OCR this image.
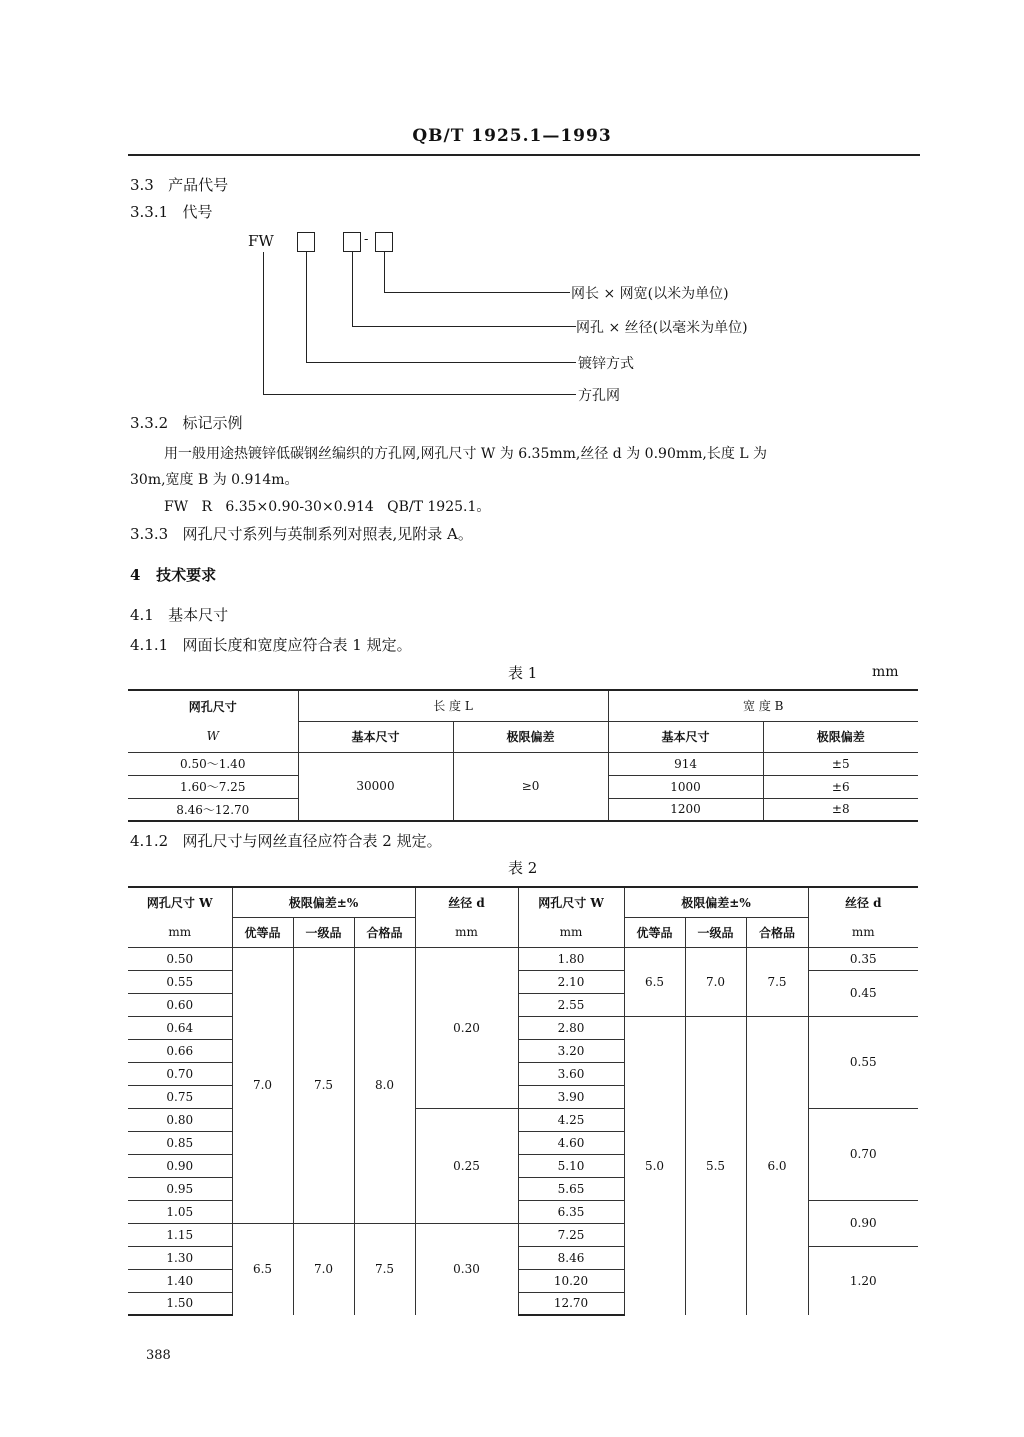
QB/T 1925.1—1993
3.3 产品代号
3.3.1 代号
FW	-
网长 × 网宽(以米为单位)
网孔 × 丝径(以毫米为单位)
镀锌方式
方孔网
3.3.2 标记示例
用一般用途热镀锌低碳钢丝编织的方孔网,网孔尺寸 W 为 6.35mm,丝径 d 为 0.90mm,长度 L 为
30m,宽度 B 为 0.914m。
FW   R   6.35×0.90-30×0.914   QB/T 1925.1。
3.3.3 网孔尺寸系列与英制系列对照表,见附录 A。
4 技术要求
4.1 基本尺寸
4.1.1 网面长度和宽度应符合表 1 规定。
表 1	mm
网孔尺寸	长 度 L		宽 度 B	
W	基本尺寸	极限偏差	基本尺寸	极限偏差
0.50～1.40	30000	≥0	914	±5
1.60～7.25			1000	±6
8.46～12.70			1200	±8
4.1.2 网孔尺寸与网丝直径应符合表 2 规定。
表 2
网孔尺寸 W	极限偏差±%			丝径 d	网孔尺寸 W	极限偏差±%			丝径 d
mm	优等品	一级品	合格品	mm	mm	优等品	一级品	合格品	mm
0.50	7.0	7.5	8.0	0.20	1.80	6.5	7.0	7.5	0.35
0.55					2.10				0.45
0.60					2.55				
0.64					2.80	5.0	5.5	6.0	0.55
0.66					3.20				
0.70					3.60				
0.75					3.90				
0.80				0.25	4.25				0.70
0.85					4.60				
0.90					5.10				
0.95					5.65				
1.05					6.35				0.90
1.15	6.5	7.0	7.5	0.30	7.25				
1.30					8.46				1.20
1.40					10.20				
1.50					12.70				
388
